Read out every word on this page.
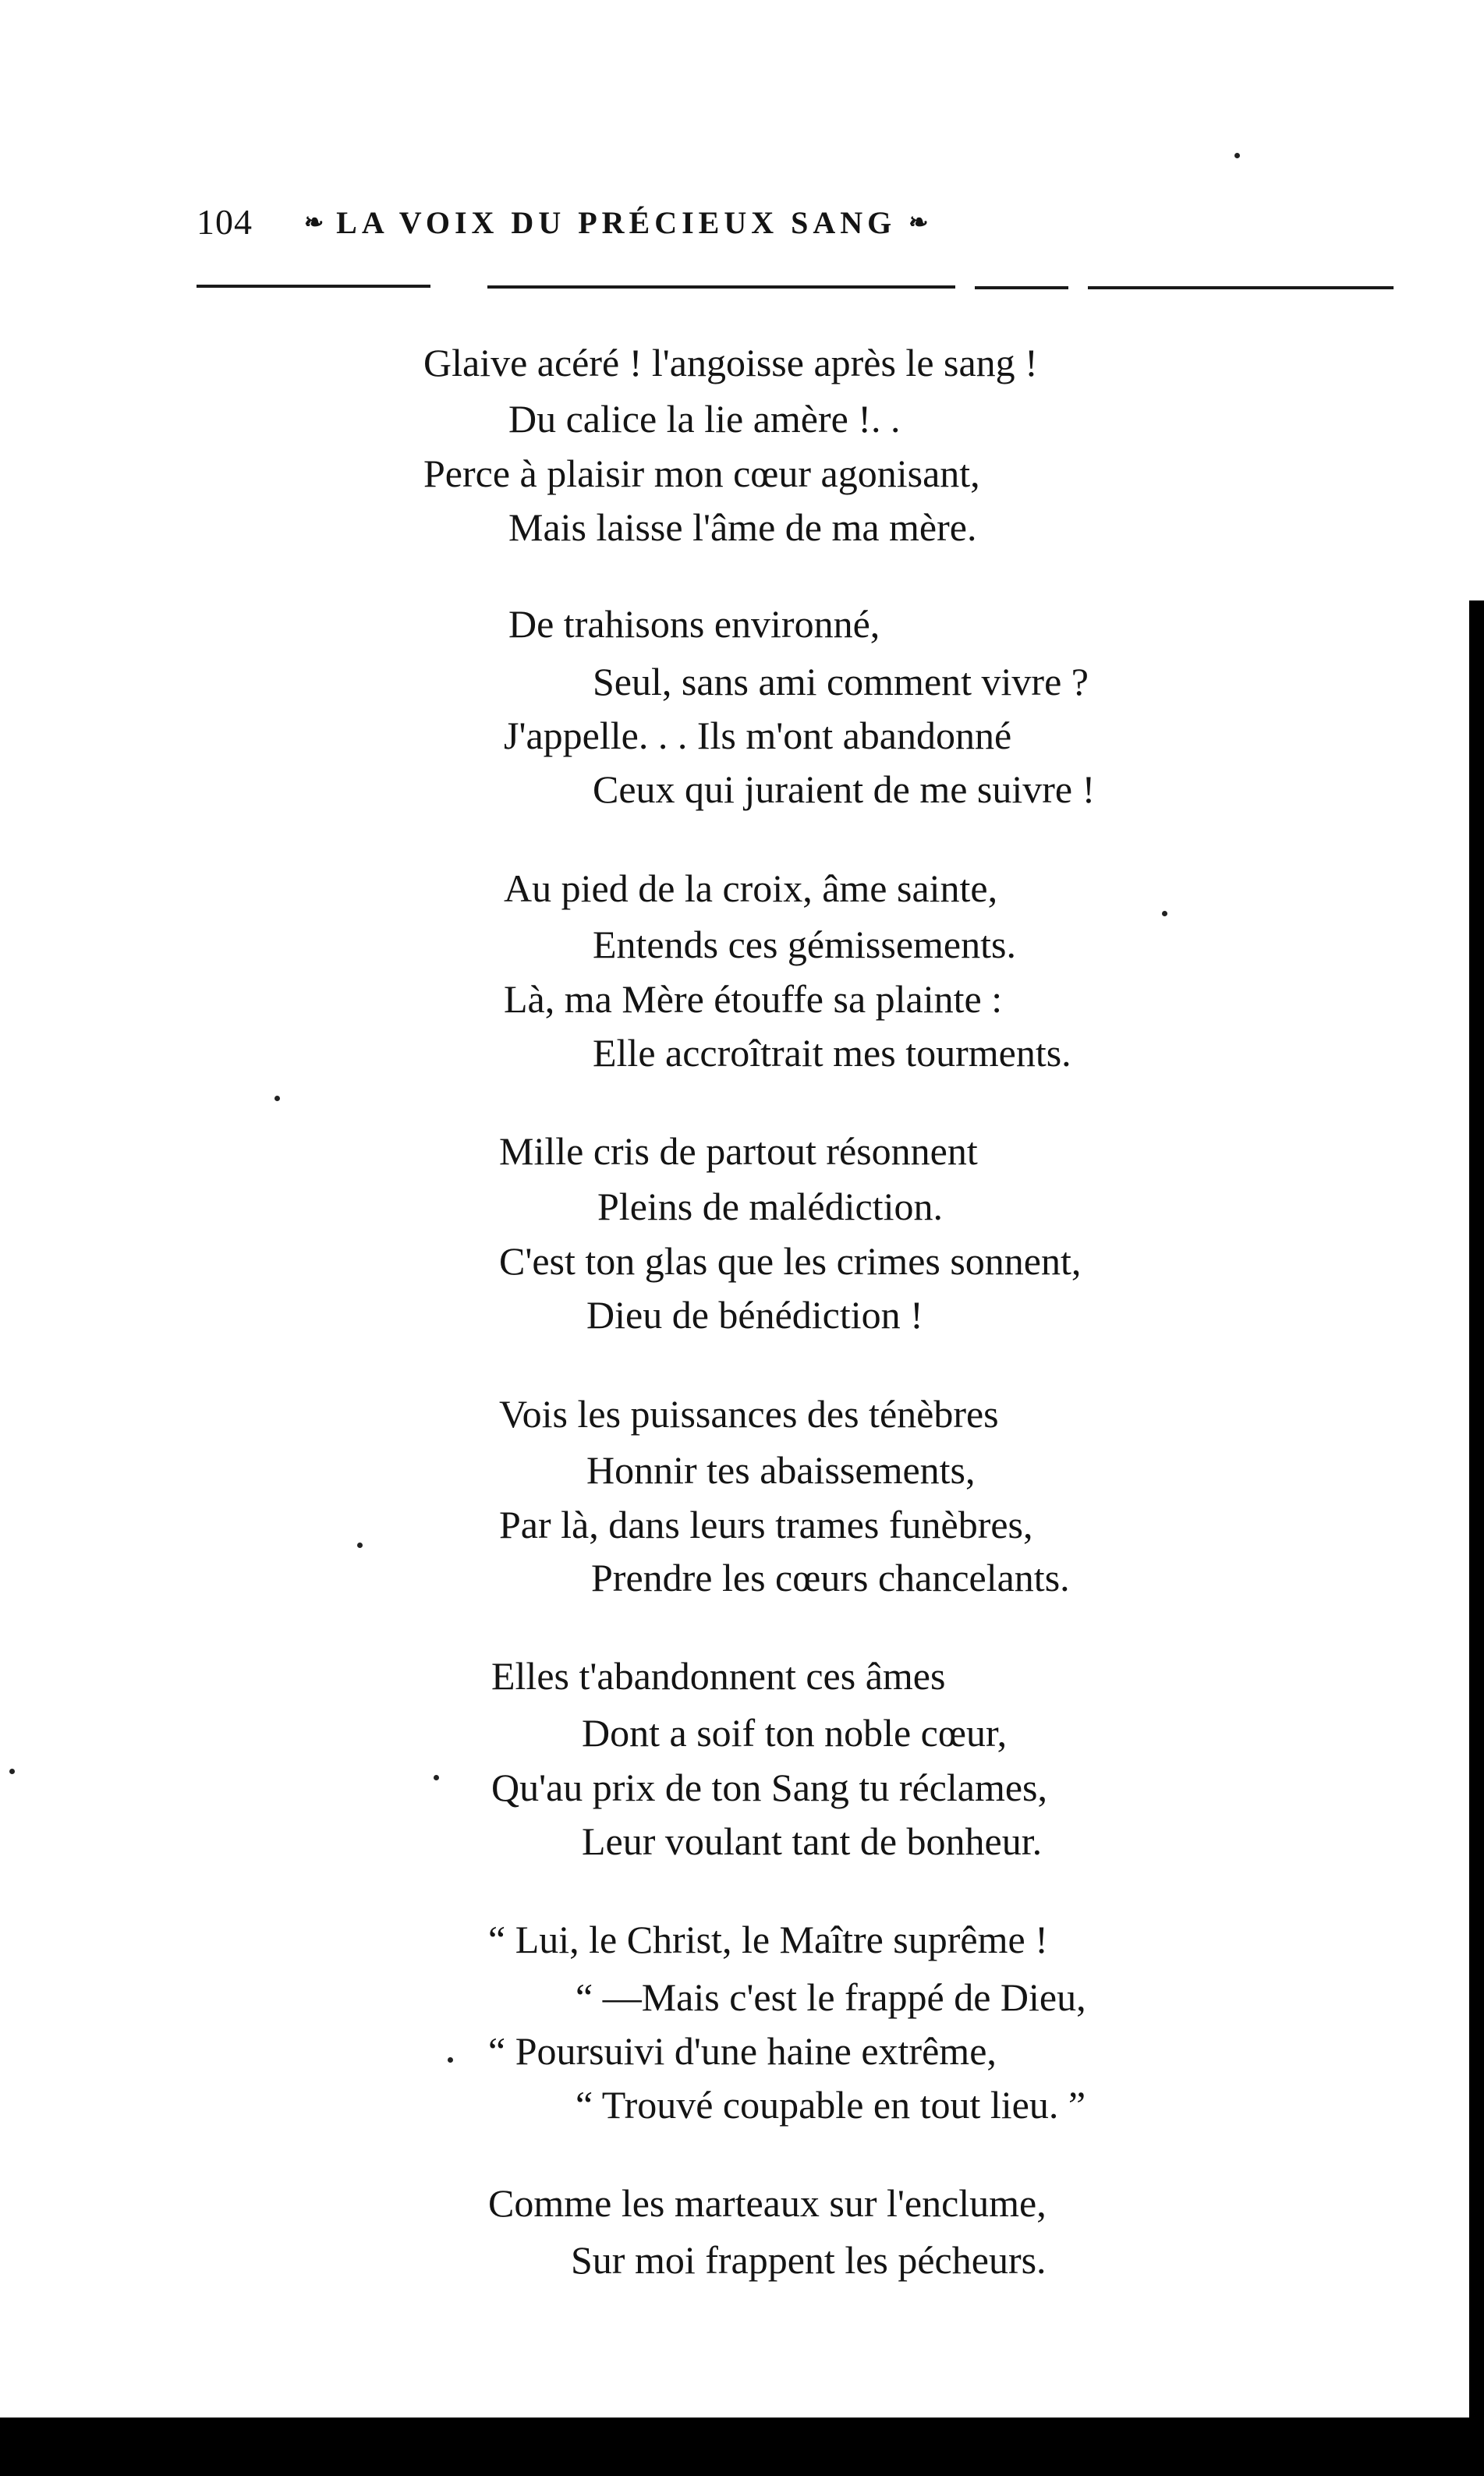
104 ❧ LA VOIX DU PRÉCIEUX SANG ❧
Glaive acéré ! l'angoisse après le sang !
Du calice la lie amère !. .
Perce à plaisir mon cœur agonisant,
Mais laisse l'âme de ma mère.
De trahisons environné,
Seul, sans ami comment vivre ?
J'appelle. . . Ils m'ont abandonné
Ceux qui juraient de me suivre !
Au pied de la croix, âme sainte,
Entends ces gémissements.
Là, ma Mère étouffe sa plainte :
Elle accroîtrait mes tourments.
Mille cris de partout résonnent
Pleins de malédiction.
C'est ton glas que les crimes sonnent,
Dieu de bénédiction !
Vois les puissances des ténèbres
Honnir tes abaissements,
Par là, dans leurs trames funèbres,
Prendre les cœurs chancelants.
Elles t'abandonnent ces âmes
Dont a soif ton noble cœur,
Qu'au prix de ton Sang tu réclames,
Leur voulant tant de bonheur.
“ Lui, le Christ, le Maître suprême !
“ —Mais c'est le frappé de Dieu,
“ Poursuivi d'une haine extrême,
“ Trouvé coupable en tout lieu. ”
Comme les marteaux sur l'enclume,
Sur moi frappent les pécheurs.
